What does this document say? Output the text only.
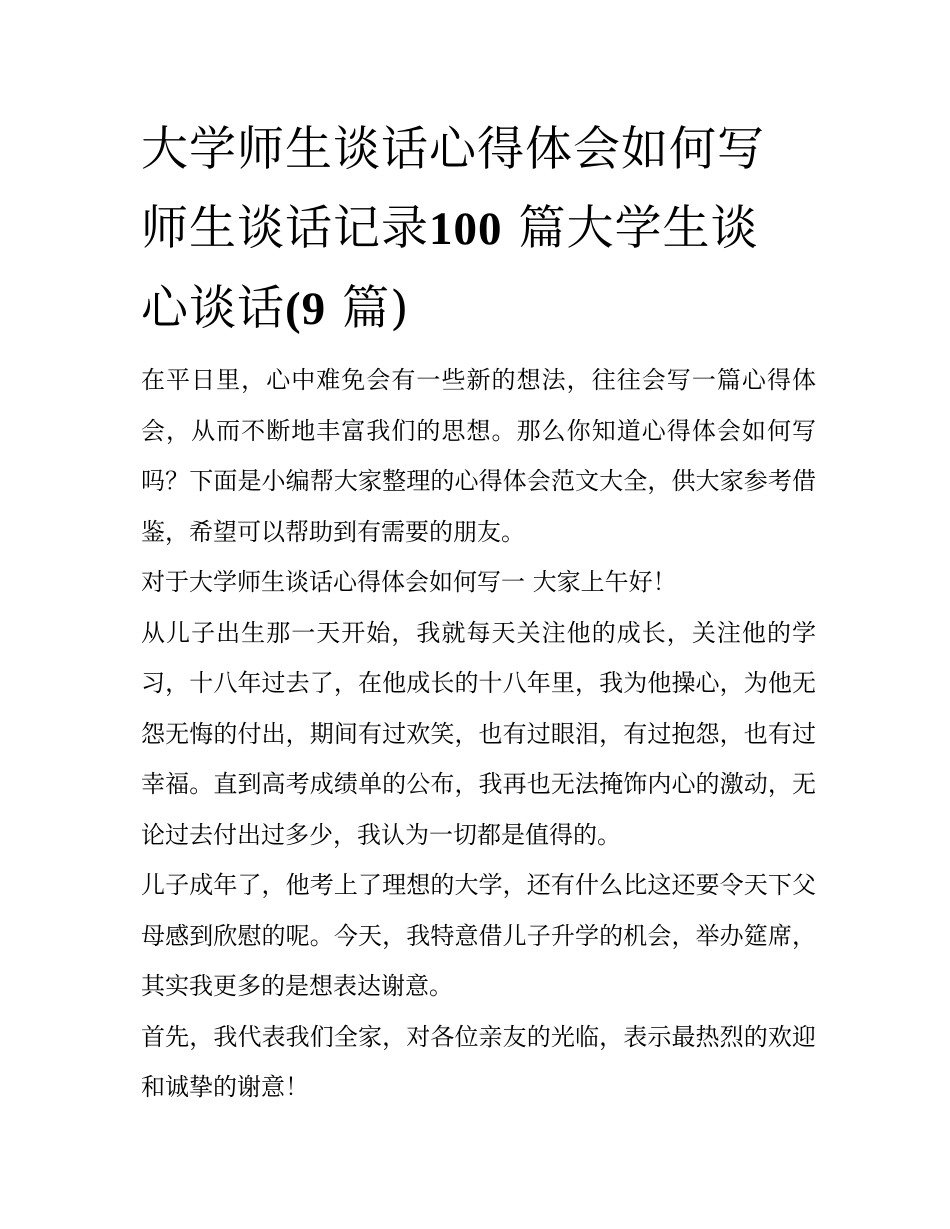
大学师生谈话心得体会如何写
师生谈话记录100 篇大学生谈
心谈话(9 篇)

在平日里，心中难免会有一些新的想法，往往会写一篇心得体会，从而不断地丰富我们的思想。那么你知道心得体会如何写吗？下面是小编帮大家整理的心得体会范文大全，供大家参考借鉴，希望可以帮助到有需要的朋友。

对于大学师生谈话心得体会如何写一 大家上午好！

从儿子出生那一天开始，我就每天关注他的成长，关注他的学习，十八年过去了，在他成长的十八年里，我为他操心，为他无怨无悔的付出，期间有过欢笑，也有过眼泪，有过抱怨，也有过幸福。直到高考成绩单的公布，我再也无法掩饰内心的激动，无论过去付出过多少，我认为一切都是值得的。

儿子成年了，他考上了理想的大学，还有什么比这还要令天下父母感到欣慰的呢。今天，我特意借儿子升学的机会，举办筵席，其实我更多的是想表达谢意。

首先，我代表我们全家，对各位亲友的光临，表示最热烈的欢迎和诚挚的谢意！
